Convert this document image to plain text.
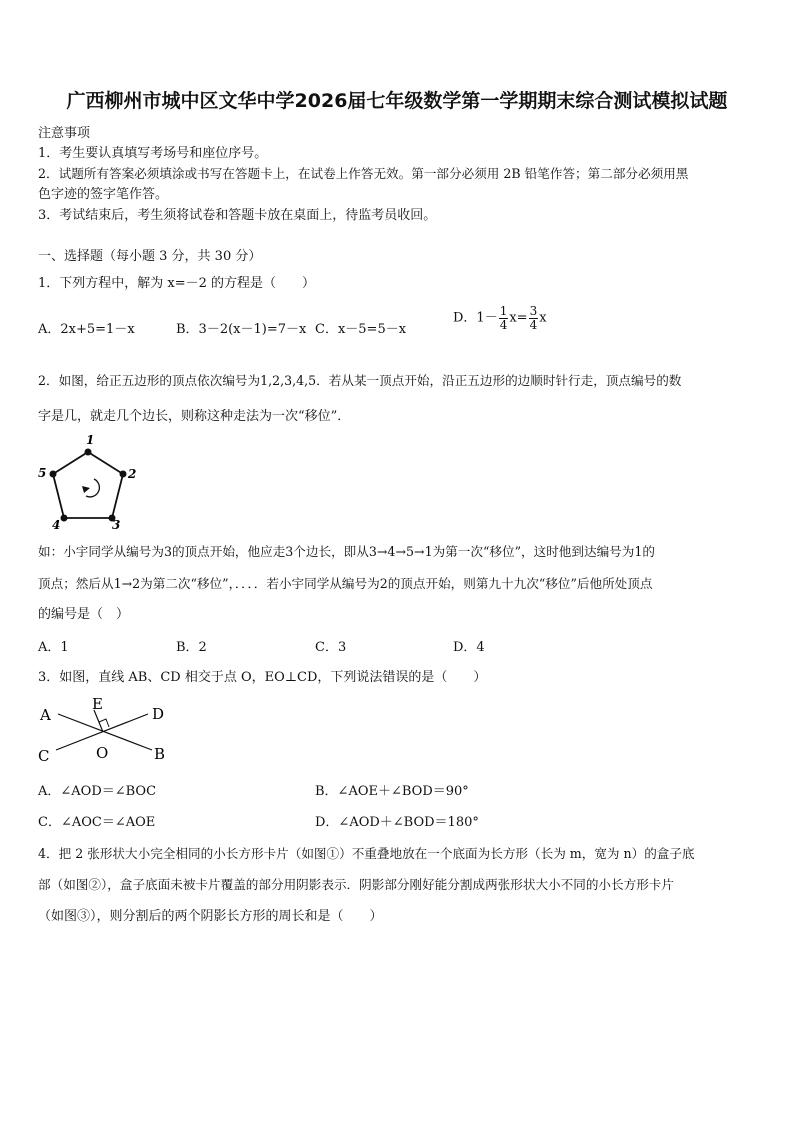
广西柳州市城中区文华中学2026届七年级数学第一学期期末综合测试模拟试题
注意事项
1．考生要认真填写考场号和座位序号。
2．试题所有答案必须填涂或书写在答题卡上，在试卷上作答无效。第一部分必须用 2B 铅笔作答；第二部分必须用黑
色字迹的签字笔作答。
3．考试结束后，考生须将试卷和答题卡放在桌面上，待监考员收回。
一、选择题（每小题 3 分，共 30 分）
1．下列方程中，解为 x=－2 的方程是（　　）
A．2x+5=1－x	B．3－2(x－1)=7－x C．x－5=5－x
D．$1- \frac{1}{4} x= \frac{3}{4}$ x
2．如图，给正五边形的顶点依次编号为1,2,3,4,5．若从某一顶点开始，沿正五边形的边顺时针行走，顶点编号的数
字是几，就走几个边长，则称这种走法为一次“移位”．
1
2
3
4
5
如：小宇同学从编号为3的顶点开始，他应走3个边长，即从3→4→5→1为第一次“移位”，这时他到达编号为1的
顶点；然后从1→2为第二次“移位”，．．．．若小宇同学从编号为2的顶点开始，则第九十九次“移位”后他所处顶点
的编号是（　）
A．1	B．2	C．3	D．4
3．如图，直线 AB、CD 相交于点 O，EO⊥CD，下列说法错误的是（　　）
A
B
C
D
E
O
A．∠AOD＝∠BOC	B．∠AOE＋∠BOD＝90°
C．∠AOC＝∠AOE	D．∠AOD＋∠BOD＝180°
4．把 2 张形状大小完全相同的小长方形卡片（如图①）不重叠地放在一个底面为长方形（长为 m，宽为 n）的盒子底
部（如图②），盒子底面未被卡片覆盖的部分用阴影表示．阴影部分刚好能分割成两张形状大小不同的小长方形卡片
（如图③），则分割后的两个阴影长方形的周长和是（　　）
